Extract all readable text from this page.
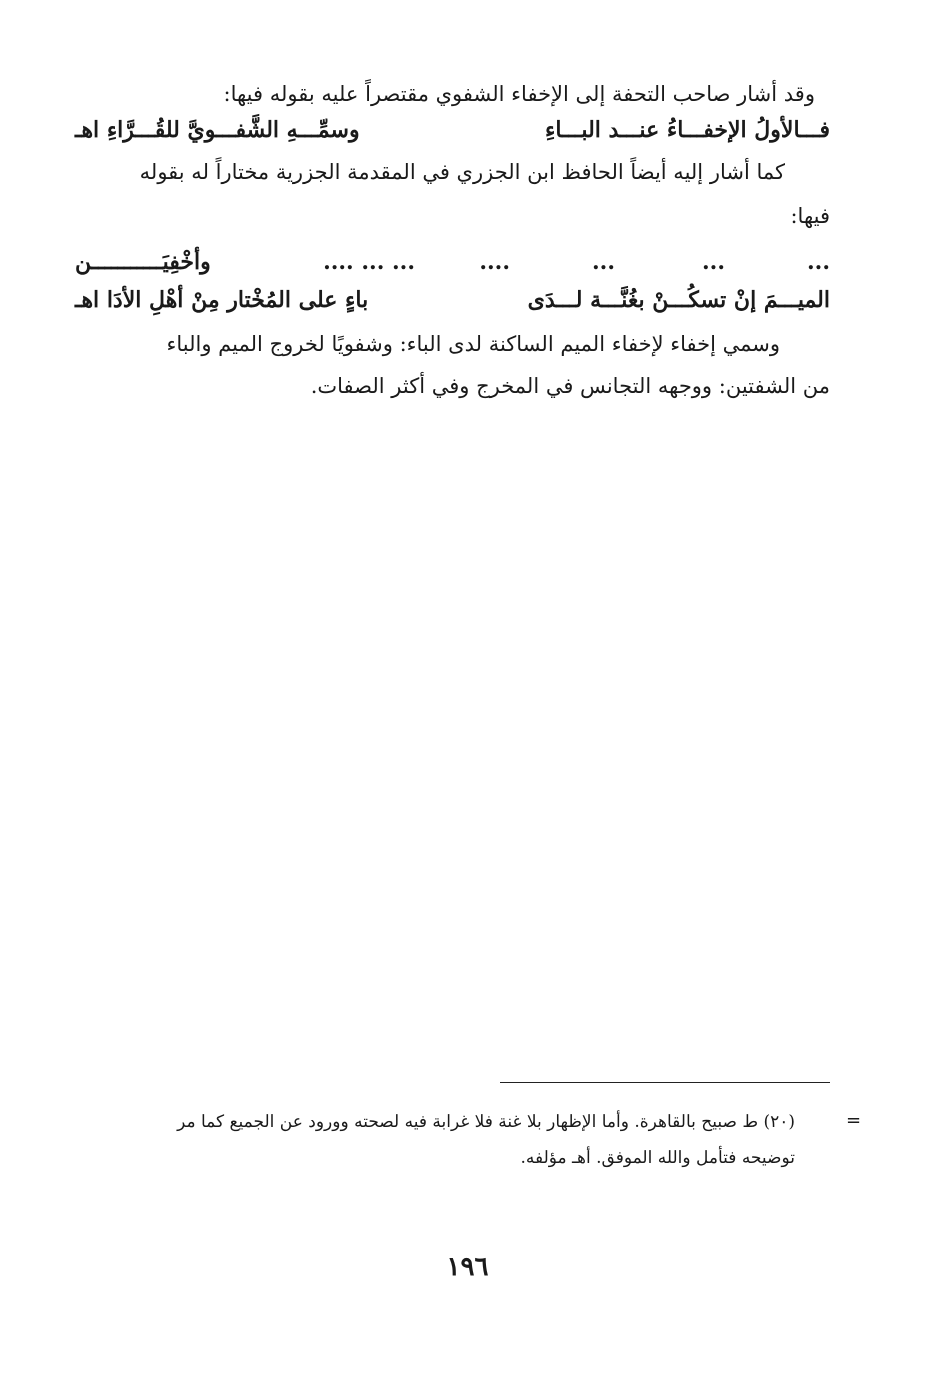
وقد أشار صاحب التحفة إلى الإخفاء الشفوي مقتصراً عليه بقوله فيها:
فـــالأولُ الإخفـــاءُ عنـــد البـــاءِ
وسمِّـــهِ الشَّفـــويَّ للقُـــرَّاءِ اهـ
كما أشار إليه أيضاً الحافظ ابن الجزري في المقدمة الجزرية مختاراً له بقوله
فيها:
...
...
...
....
... ... ....
وأخْفِيَـــــــــــن
الميـــمَ إنْ تسكُـــنْ بغُنَّـــة لـــدَى
باءٍ على المُخْتار مِنْ أهْلِ الأدَا اهـ
وسمي إخفاء لإخفاء الميم الساكنة لدى الباء: وشفويًا لخروج الميم والباء
من الشفتين: ووجهه التجانس في المخرج وفي أكثر الصفات.
=
(٢٠) ط صبيح بالقاهرة. وأما الإظهار بلا غنة فلا غرابة فيه لصحته وورود عن الجميع كما مر
توضيحه فتأمل والله الموفق. أهـ مؤلفه.
١٩٦
